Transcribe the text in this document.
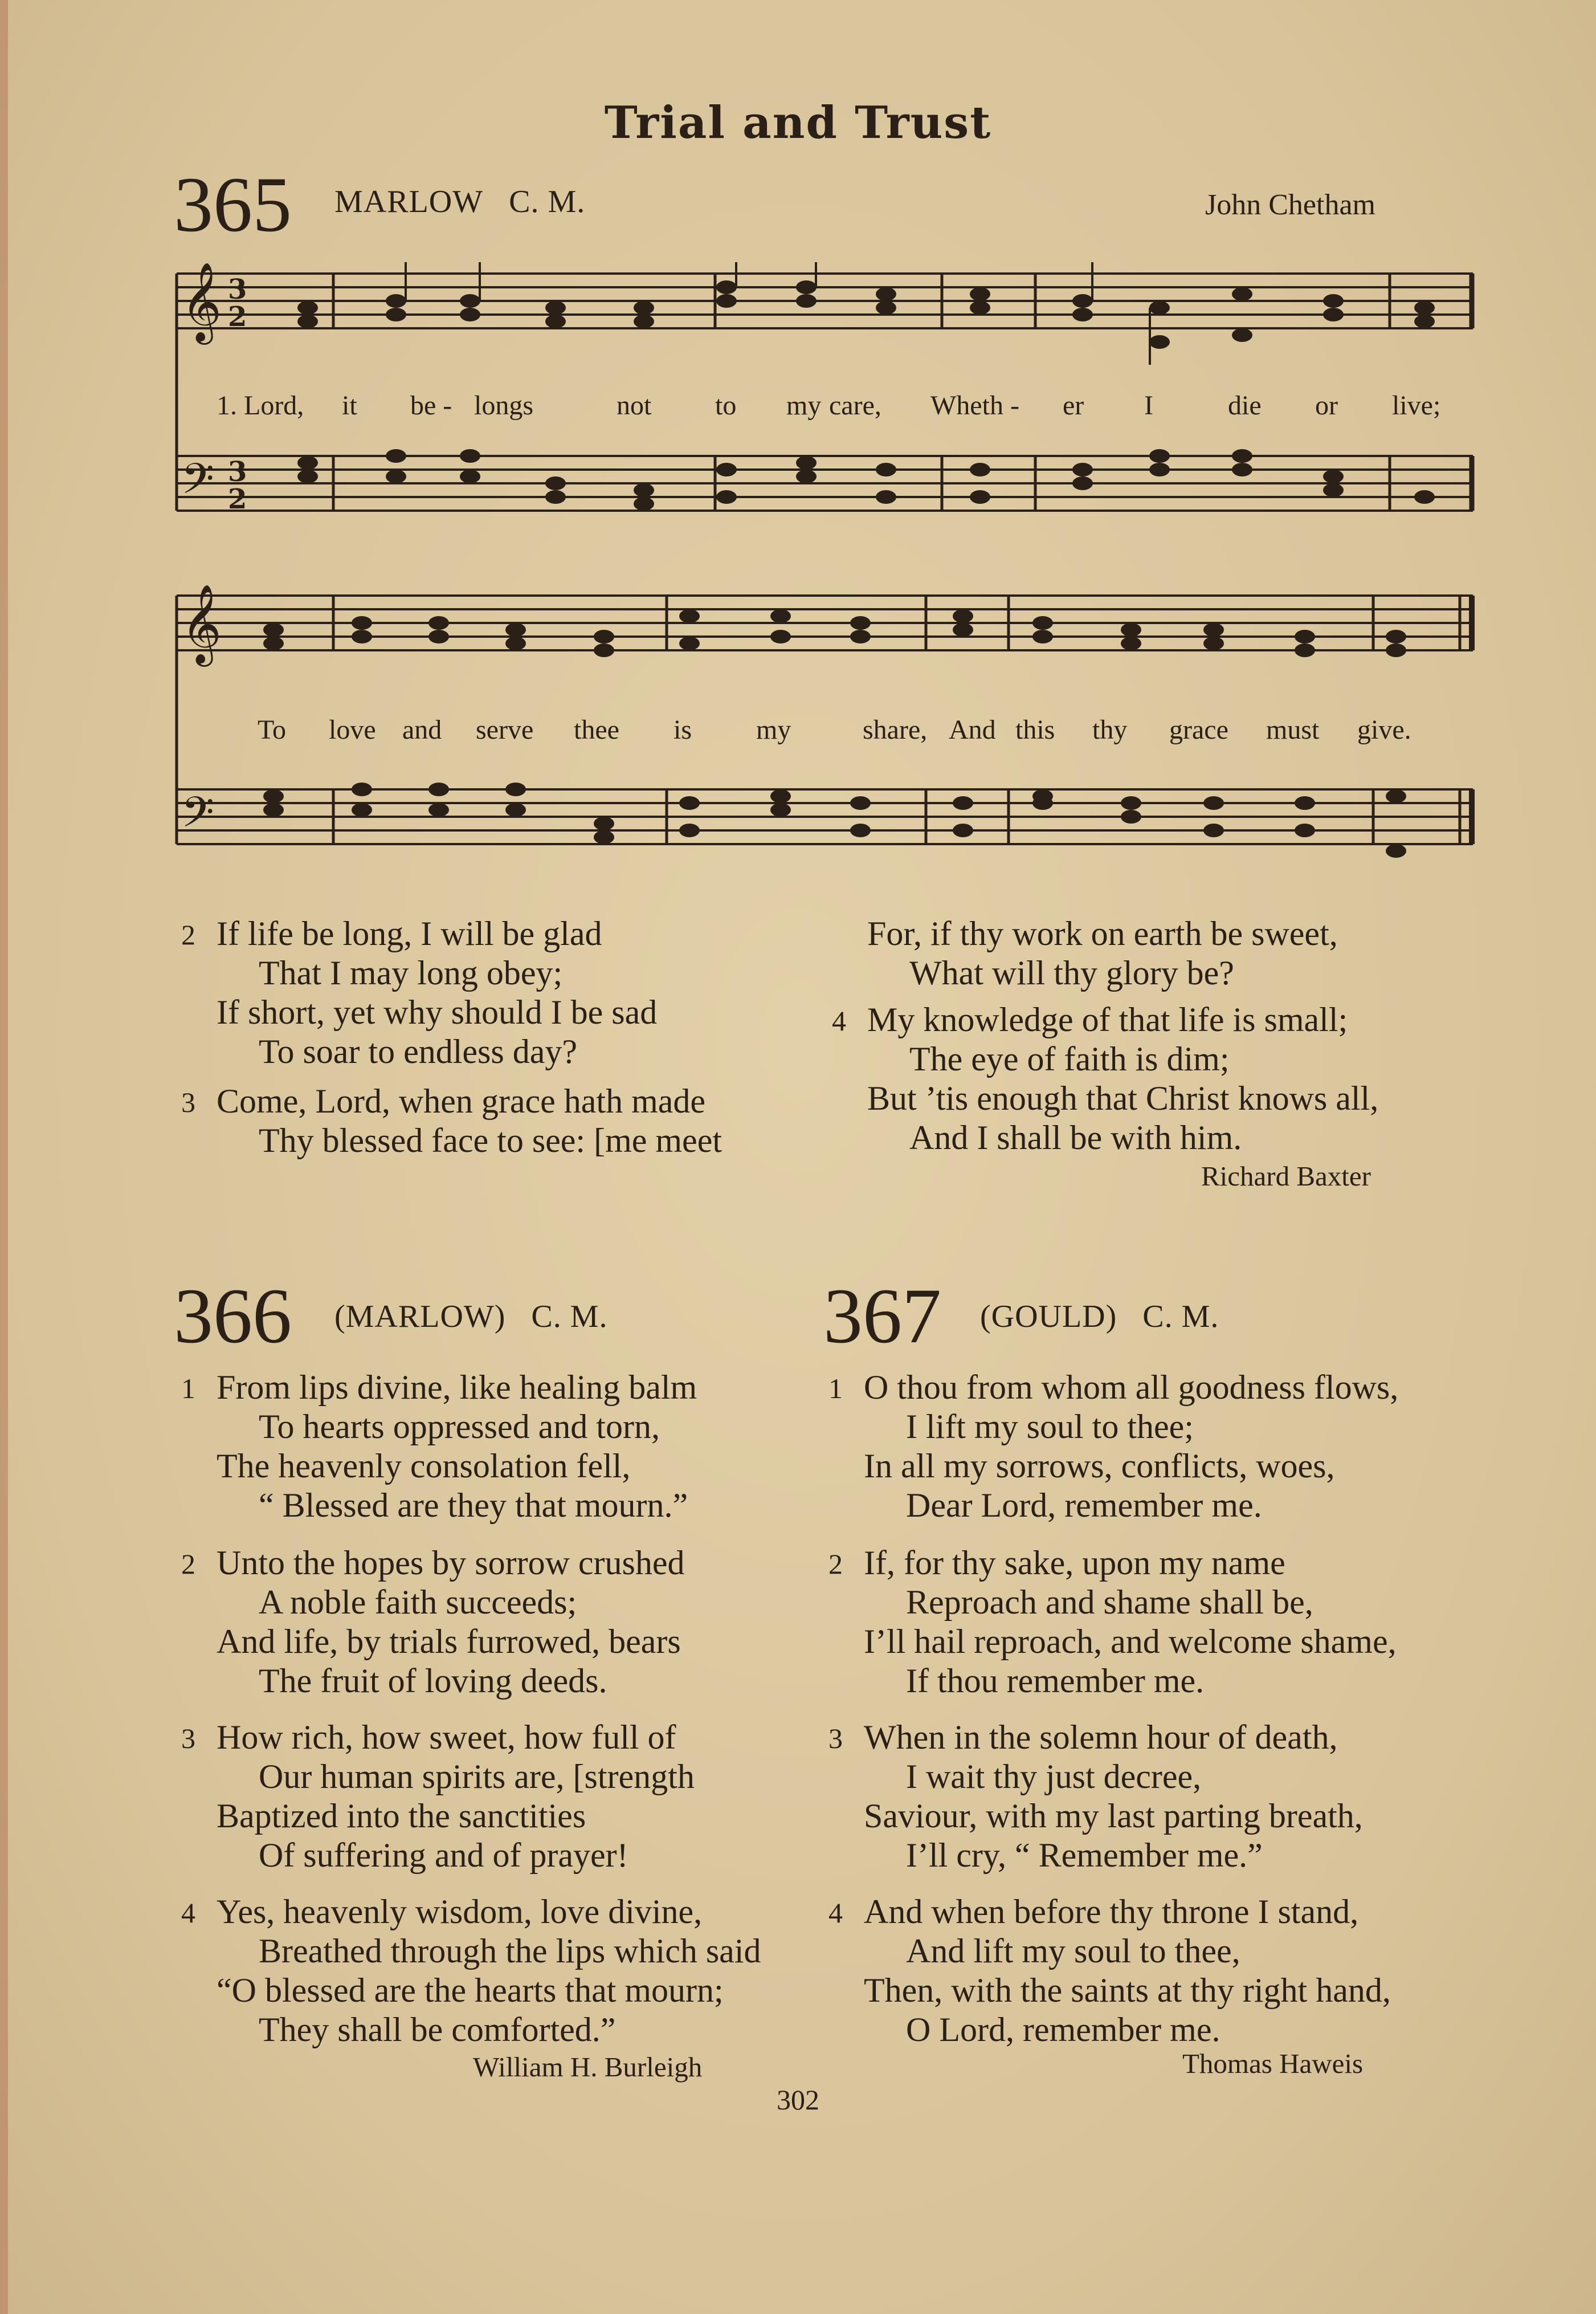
Trial and Trust
365 MARLOW C. M.	John Chetham
𝄞
𝄢
3
2
3
2
1. Lord, it be - longs	not to my care, Wheth - er I	die or live;
𝄞
𝄢
To love and serve thee is my	share, And this thy grace must give.
2 If life be long, I will be glad
That I may long obey;
If short, yet why should I be sad
To soar to endless day?
3 Come, Lord, when grace hath made
Thy blessed face to see: [me meet
For, if thy work on earth be sweet,
What will thy glory be?
4 My knowledge of that life is small;
The eye of faith is dim;
But ’tis enough that Christ knows all,
And I shall be with him.
Richard Baxter
366 (MARLOW) C. M.
1 From lips divine, like healing balm
To hearts oppressed and torn,
The heavenly consolation fell,
“ Blessed are they that mourn.”
2 Unto the hopes by sorrow crushed
A noble faith succeeds;
And life, by trials furrowed, bears
The fruit of loving deeds.
3 How rich, how sweet, how full of
Our human spirits are, [strength
Baptized into the sanctities
Of suffering and of prayer!
4 Yes, heavenly wisdom, love divine,
Breathed through the lips which said
“O blessed are the hearts that mourn;
They shall be comforted.”
William H. Burleigh
367 (GOULD) C. M.
1 O thou from whom all goodness flows,
I lift my soul to thee;
In all my sorrows, conflicts, woes,
Dear Lord, remember me.
2 If, for thy sake, upon my name
Reproach and shame shall be,
I’ll hail reproach, and welcome shame,
If thou remember me.
3 When in the solemn hour of death,
I wait thy just decree,
Saviour, with my last parting breath,
I’ll cry, “ Remember me.”
4 And when before thy throne I stand,
And lift my soul to thee,
Then, with the saints at thy right hand,
O Lord, remember me.
Thomas Haweis
302
